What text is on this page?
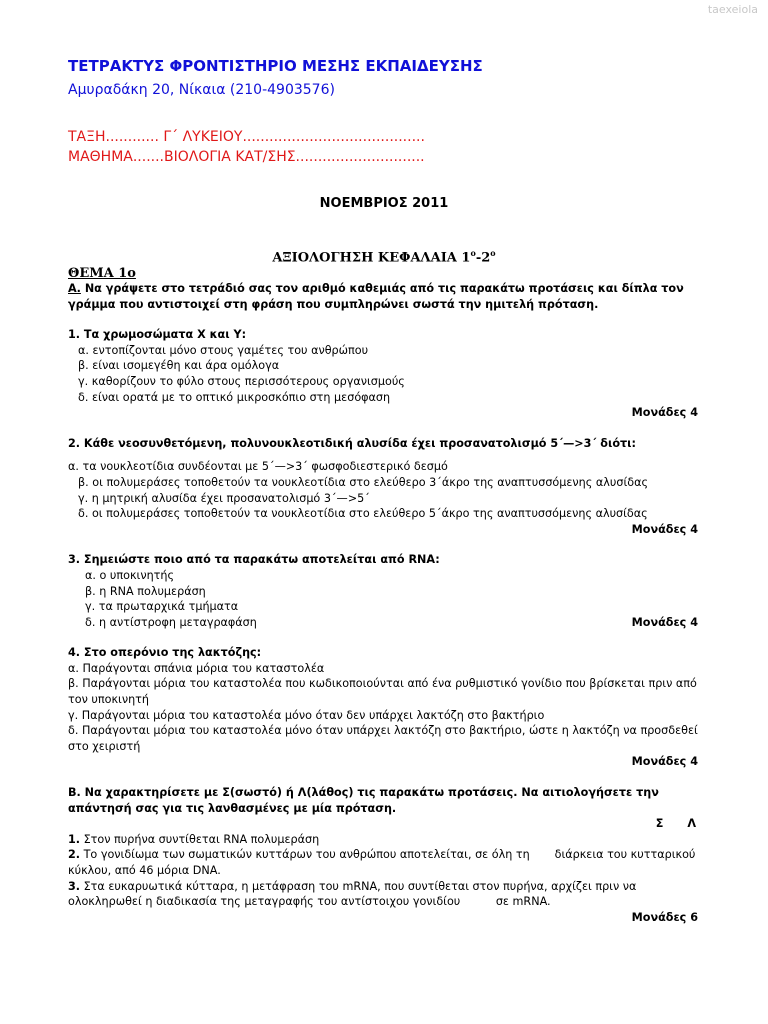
taexeiola
ΤΕΤΡΑΚΤΥΣ ΦΡΟΝΤΙΣΤΗΡΙΟ ΜΕΣΗΣ ΕΚΠΑΙΔΕΥΣΗΣ
Αμυραδάκη 20, Νίκαια (210-4903576)
ΤΑΞΗ............ Γ΄ ΛΥΚΕΙΟΥ.........................................
ΜΑΘΗΜΑ.......ΒΙΟΛΟΓΙΑ ΚΑΤ/ΣΗΣ.............................
ΝΟΕΜΒΡΙΟΣ 2011
ΑΞΙΟΛΟΓΗΣΗ ΚΕΦΑΛΑΙΑ $1^o-2^o$
ΘΕΜΑ 1ο
Α. Να γράψετε στο τετράδιό σας τον αριθμό καθεμιάς από τις παρακάτω προτάσεις και δίπλα τον γράμμα που αντιστοιχεί στη φράση που συμπληρώνει σωστά την ημιτελή πρόταση.
1. Τα χρωμοσώματα Χ και Υ:
α. εντοπίζονται μόνο στους γαμέτες του ανθρώπου
β. είναι ισομεγέθη και άρα ομόλογα
γ. καθορίζουν το φύλο στους περισσότερους οργανισμούς
δ. είναι ορατά με το οπτικό μικροσκόπιο στη μεσόφαση
Μονάδες 4
2. Κάθε νεοσυνθετόμενη, πολυνουκλεοτιδική αλυσίδα έχει προσανατολισμό 5΄—>3΄ διότι:
α. τα νουκλεοτίδια συνδέονται με 5΄—>3΄ φωσφοδιεστερικό δεσμό
β. οι πολυμεράσες τοποθετούν τα νουκλεοτίδια στο ελεύθερο 3΄άκρο της αναπτυσσόμενης αλυσίδας
γ. η μητρική αλυσίδα έχει προσανατολισμό 3΄—>5΄
δ. οι πολυμεράσες τοποθετούν τα νουκλεοτίδια στο ελεύθερο 5΄άκρο της αναπτυσσόμενης αλυσίδας
Μονάδες 4
3. Σημειώστε ποιο από τα παρακάτω αποτελείται από RNA:
α. ο υποκινητής
β. η RNA πολυμεράση
γ. τα πρωταρχικά τμήματα
δ. η αντίστροφη μεταγραφάση	Μονάδες 4
4. Στο οπερόνιο της λακτόζης:
α. Παράγονται σπάνια μόρια του καταστολέα
β. Παράγονται μόρια του καταστολέα που κωδικοποιούνται από ένα ρυθμιστικό γονίδιο που βρίσκεται πριν από τον υποκινητή
γ. Παράγονται μόρια του καταστολέα μόνο όταν δεν υπάρχει λακτόζη στο βακτήριο
δ. Παράγονται μόρια του καταστολέα μόνο όταν υπάρχει λακτόζη στο βακτήριο, ώστε η λακτόζη να προσδεθεί στο χειριστή
Μονάδες 4
Β. Να χαρακτηρίσετε με Σ(σωστό) ή Λ(λάθος) τις παρακάτω προτάσεις. Να αιτιολογήσετε την απάντησή σας για τις λανθασμένες με μία πρόταση.
Σ Λ
1. Στον πυρήνα συντίθεται RNA πολυμεράση
2. Το γονιδίωμα των σωματικών κυττάρων του ανθρώπου αποτελείται, σε όλη τη       διάρκεια του κυτταρικού κύκλου, από 46 μόρια DNA.
3. Στα ευκαρυωτικά κύτταρα, η μετάφραση του mRNA, που συντίθεται στον πυρήνα, αρχίζει πριν να ολοκληρωθεί η διαδικασία της μεταγραφής του αντίστοιχου γονιδίου          σε mRNA.
Μονάδες 6
